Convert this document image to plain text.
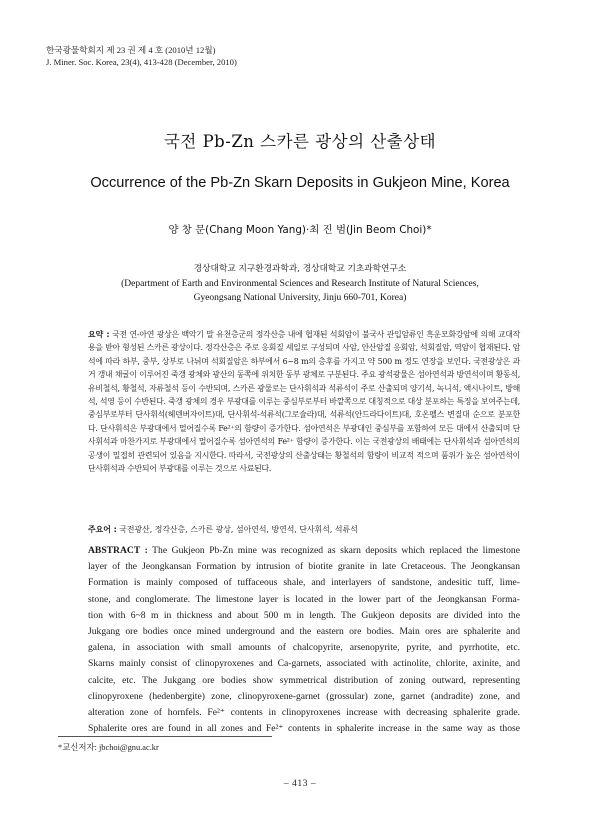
한국광물학회지 제 23 권 제 4 호 (2010년 12월)
J. Miner. Soc. Korea, 23(4), 413-428 (December, 2010)
국전 Pb-Zn 스카른 광상의 산출상태
Occurrence of the Pb-Zn Skarn Deposits in Gukjeon Mine, Korea
양 창 문(Chang Moon Yang)·최 진 범(Jin Beom Choi)*
경상대학교 지구환경과학과, 경상대학교 기초과학연구소
(Department of Earth and Environmental Sciences and Research Institute of Natural Sciences,
Gyeongsang National University, Jinju 660-701, Korea)
요약 : 국전 연-아연 광상은 백악기 말 유천층군의 정각산층 내에 협재된 석회암이 불국사 관입암류인 흑운모화강암에 의해 교대작용을 받아 형성된 스카른 광상이다. 정각산층은 주로 응회질 셰일로 구성되며 사암, 안산암질 응회암, 석회질암, 역암이 협재된다. 암석에 따라 하부, 중부, 상부로 나뉘며 석회질암은 하부에서 6~8 m의 층후를 가지고 약 500 m 정도 연장을 보인다. 국전광상은 과거 갱내 채굴이 이루어진 죽갱 광체와 광산의 동쪽에 위치한 동부 광체로 구분된다. 주요 광석광물은 섬아연석과 방연석이며 황동석, 유비철석, 황철석, 자류철석 등이 수반되며, 스카른 광물로는 단사휘석과 석류석이 주로 산출되며 양기석, 녹니석, 액시나이트, 방해석, 석영 등이 수반된다. 죽갱 광체의 경우 부광대를 이루는 중심부로부터 바깥쪽으로 대칭적으로 대상 분포하는 특징을 보여주는데, 중심부로부터 단사휘석(헤덴버자이트)대, 단사휘석-석류석(그로슐라)대, 석류석(안드라다이트)대, 호온펠스 변질대 순으로 분포한다. 단사휘석은 부광대에서 멀어질수록 Fe²⁺의 함량이 증가한다. 섬아연석은 부광대인 중심부를 포함하여 모든 대에서 산출되며 단사휘석과 마찬가지로 부광대에서 멀어질수록 섬아연석의 Fe²⁺ 함량이 증가한다. 이는 국전광상의 배태에는 단사휘석과 섬아연석의 공생이 밀접히 관련되어 있음을 지시한다. 따라서, 국전광상의 산출상태는 황철석의 함량이 비교적 적으며 품위가 높은 섬아연석이 단사휘석과 수반되어 부광대를 이루는 것으로 사료된다.
주요어 : 국전광산, 정각산층, 스카른 광상, 섬아연석, 방연석, 단사휘석, 석류석
ABSTRACT : The Gukjeon Pb-Zn mine was recognized as skarn deposits which replaced the limestone
layer of the Jeongkansan Formation by intrusion of biotite granite in late Cretaceous. The Jeongkansan
Formation is mainly composed of tuffaceous shale, and interlayers of sandstone, andesitic tuff, lime-
stone, and conglomerate. The limestone layer is located in the lower part of the Jeongkansan Forma-
tion with 6~8 m in thickness and about 500 m in length. The Gukjeon deposits are divided into the
Jukgang ore bodies once mined underground and the eastern ore bodies. Main ores are sphalerite and
galena, in association with small amounts of chalcopyrite, arsenopyrite, pyrite, and pyrrhotite, etc.
Skarns mainly consist of clinopyroxenes and Ca-garnets, associated with actinolite, chlorite, axinite, and
calcite, etc. The Jukgang ore bodies show symmetrical distribution of zoning outward, representing
clinopyroxene (hedenbergite) zone, clinopyroxene-garnet (grossular) zone, garnet (andradite) zone, and
alteration zone of hornfels. Fe²⁺ contents in clinopyroxenes increase with decreasing sphalerite grade.
Sphalerite ores are found in all zones and Fe²⁺ contents in sphalerite increase in the same way as those
*교신저자: jbchoi@gnu.ac.kr
– 413 –
